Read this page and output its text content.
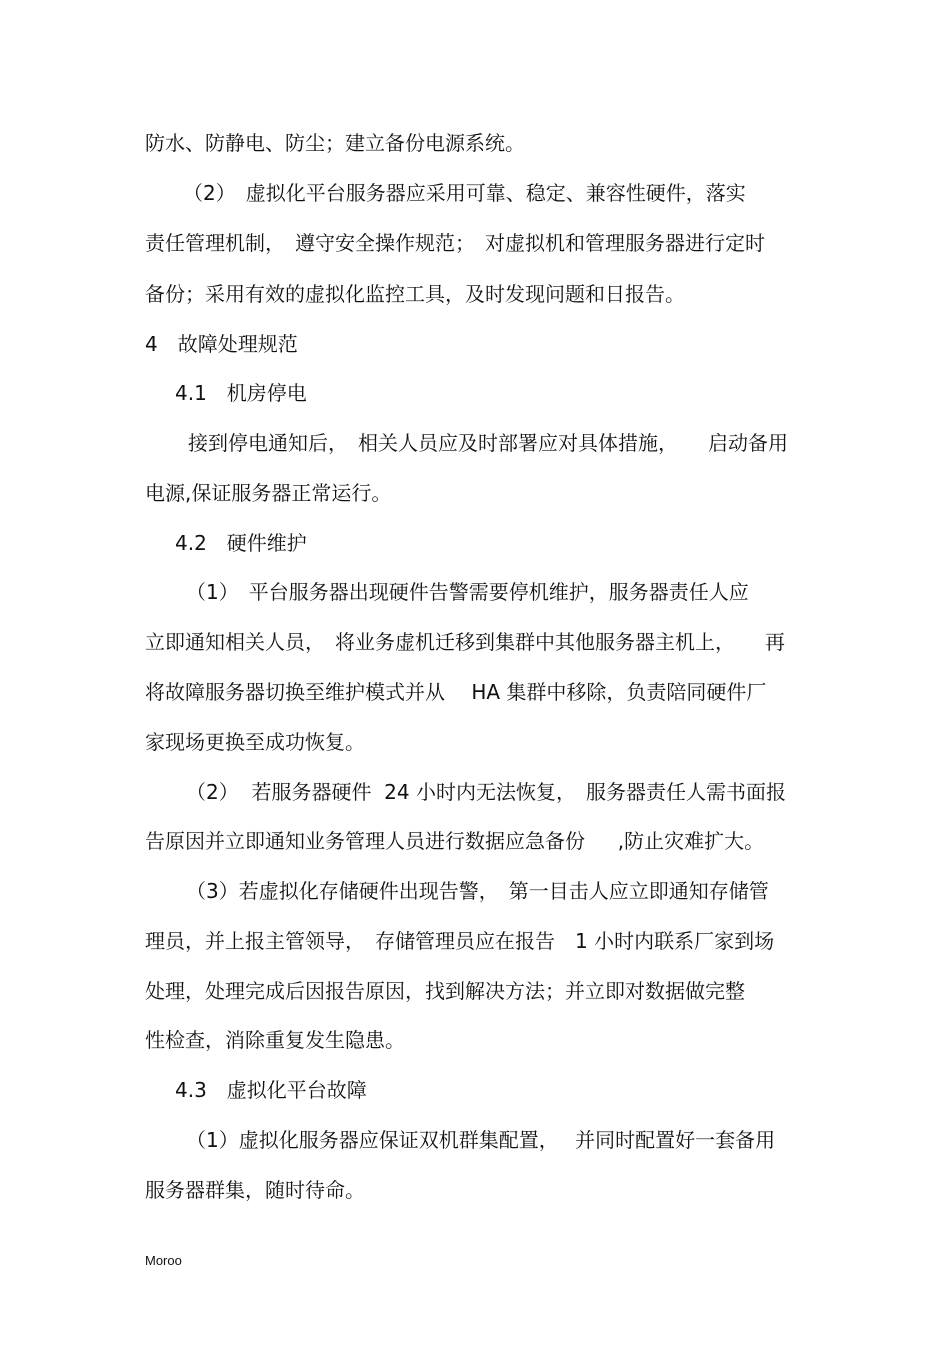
防水、防静电、防尘；建立备份电源系统。
（2）　虚拟化平台服务器应采用可靠、稳定、兼容性硬件，落实
责任管理机制，　遵守安全操作规范；　对虚拟机和管理服务器进行定时
备份；采用有效的虚拟化监控工具，及时发现问题和日报告。
4　故障处理规范
4.1　机房停电
接到停电通知后，　相关人员应及时部署应对具体措施，　　启动备用
电源,保证服务器正常运行。
4.2　硬件维护
（1）　平台服务器出现硬件告警需要停机维护，服务器责任人应
立即通知相关人员，　将业务虚机迁移到集群中其他服务器主机上，　　再
将故障服务器切换至维护模式并从　 HA 集群中移除，负责陪同硬件厂
家现场更换至成功恢复。
（2）  若服务器硬件  24 小时内无法恢复，　服务器责任人需书面报
告原因并立即通知业务管理人员进行数据应急备份　  ,防止灾难扩大。
（3）若虚拟化存储硬件出现告警，　第一目击人应立即通知存储管
理员，并上报主管领导，　存储管理员应在报告　1 小时内联系厂家到场
处理，处理完成后因报告原因，找到解决方法；并立即对数据做完整
性检查，消除重复发生隐患。
4.3　虚拟化平台故障
（1）虚拟化服务器应保证双机群集配置，　 并同时配置好一套备用
服务器群集，随时待命。
Moroo
